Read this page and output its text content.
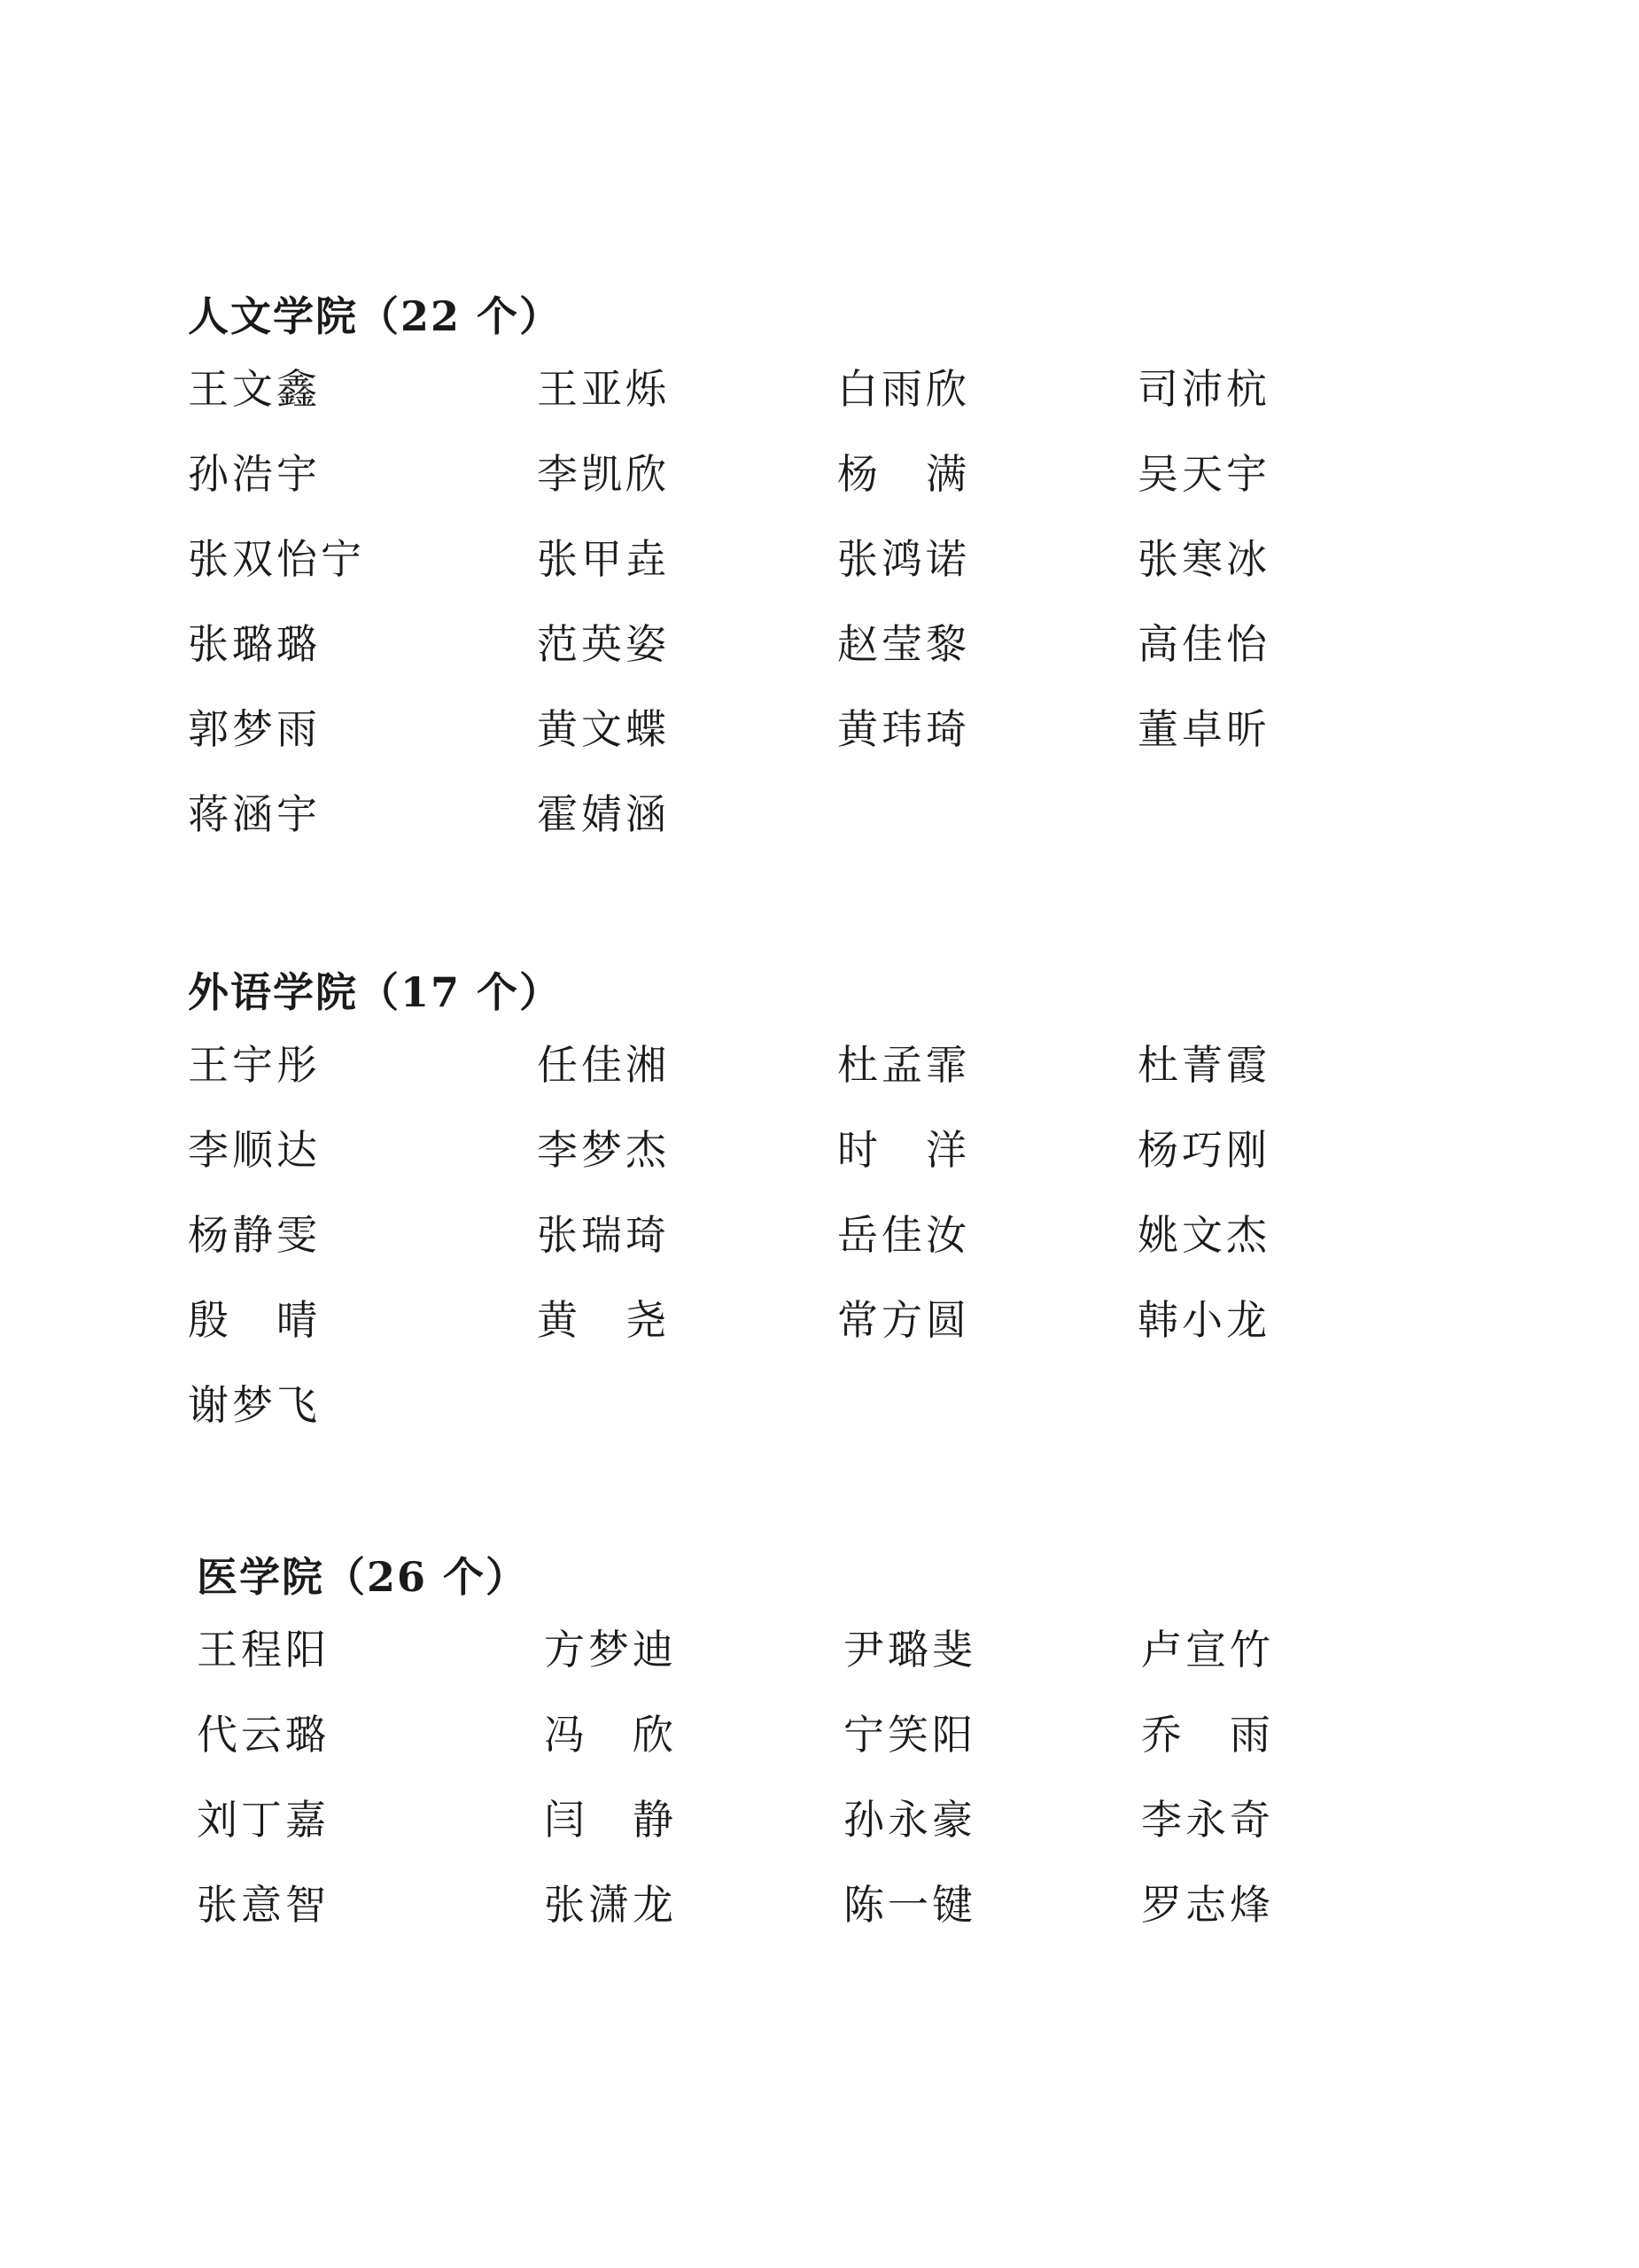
人文学院（22 个）
王文鑫	王亚烁	白雨欣	司沛杭
孙浩宇	李凯欣	杨　满	吴天宇
张双怡宁	张甲垚	张鸿诺	张寒冰
张璐璐	范英姿	赵莹黎	高佳怡
郭梦雨	黄文蝶	黄玮琦	董卓昕
蒋涵宇	霍婧涵
外语学院（17 个）
王宇彤	任佳湘	杜孟霏	杜菁霞
李顺达	李梦杰	时　洋	杨巧刚
杨静雯	张瑞琦	岳佳汝	姚文杰
殷　晴	黄　尧	常方圆	韩小龙
谢梦飞
医学院（26 个）
王程阳	方梦迪	尹璐斐	卢宣竹
代云璐	冯　欣	宁笑阳	乔　雨
刘丁嘉	闫　静	孙永豪	李永奇
张意智	张潇龙	陈一键	罗志烽
